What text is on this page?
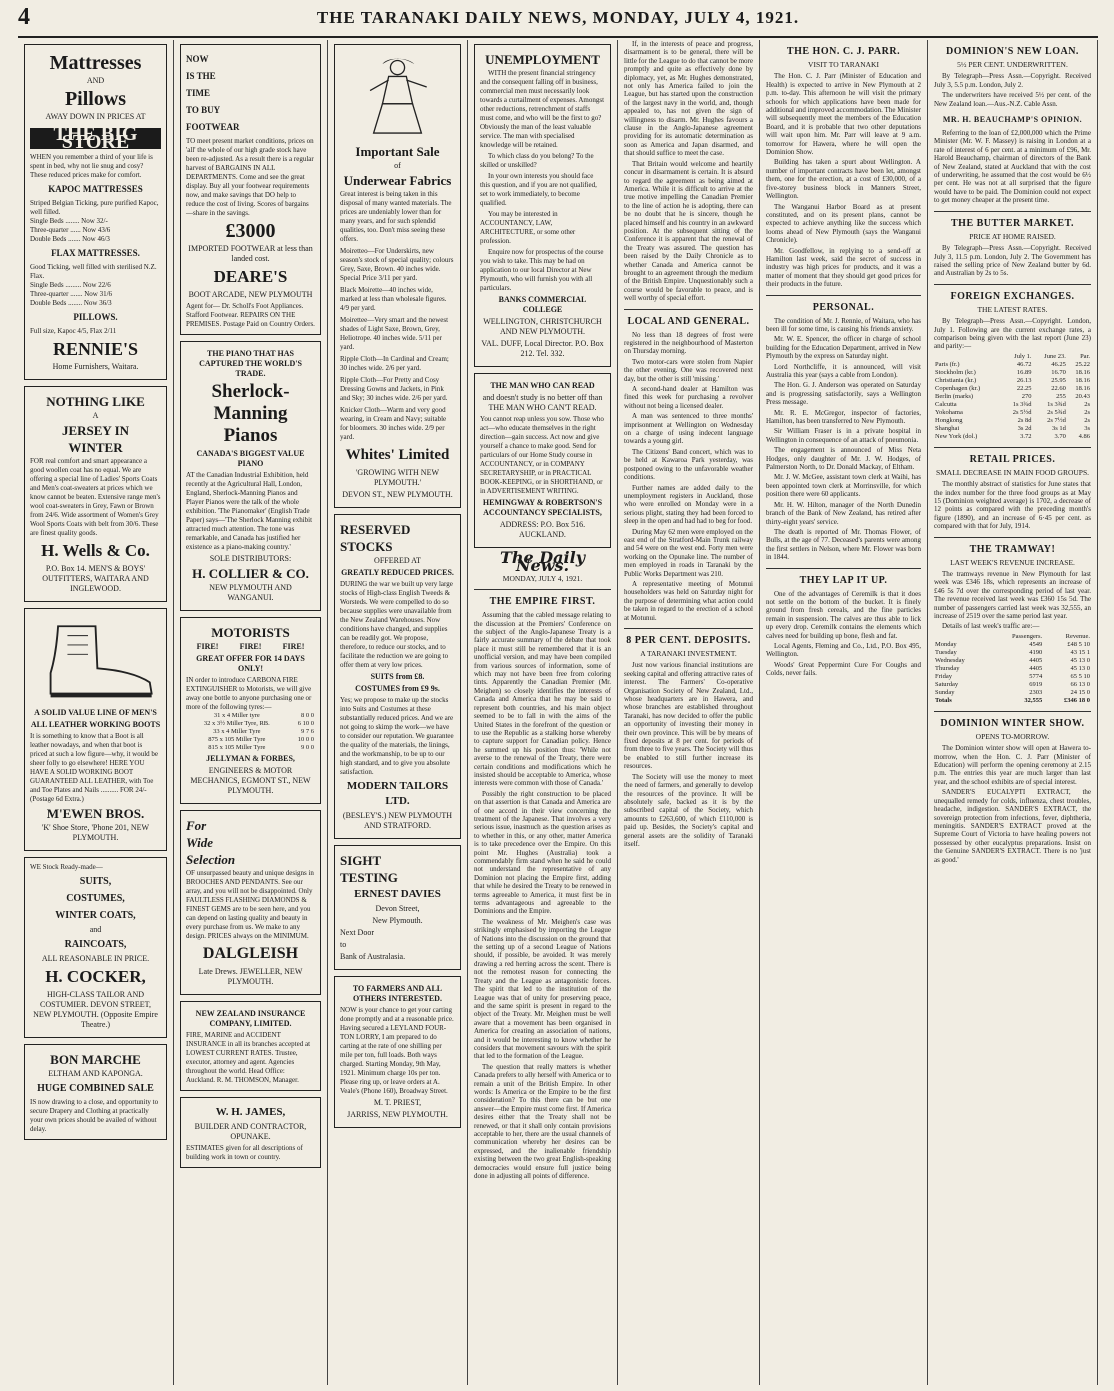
4	THE TARANAKI DAILY NEWS, MONDAY, JULY 4, 1921.
Mattresses
AND
Pillows
AWAY DOWN IN PRICES AT
THE BIG STORE
WHEN you remember a third of your life is spent in bed, why not lie snug and cosy? These reduced prices make for comfort.
KAPOC MATTRESSES
Striped Belgian Ticking, pure purified Kapoc, well filled.
Single Beds ........ Now 32/-
Three-quarter ...... Now 43/6
Double Beds ....... Now 46/3
FLAX MATTRESSES.
Good Ticking, well filled with sterilised N.Z. Flax.
Single Beds ......... Now 22/6
Three-quarter ....... Now 31/6
Double Beds ........ Now 36/3
PILLOWS.
Full size, Kapoc 4/5, Flax 2/11
RENNIE'S
Home Furnishers, Waitara.
NOTHING LIKE
A
JERSEY IN
WINTER
FOR real comfort and smart appearance a good woollen coat has no equal. We are offering a special line of Ladies' Sports Coats and Men's coat-sweaters at prices which we know cannot be beaten. Extensive range men's wool coat-sweaters in Grey, Fawn or Brown from 24/6. Wide assortment of Women's Grey Wool Sports Coats with belt from 30/6. These are finest quality goods.
H. Wells & Co.
P.O. Box 14. MEN'S & BOYS' OUTFITTERS, WAITARA AND INGLEWOOD.
A SOLID VALUE LINE OF MEN'S
ALL LEATHER WORKING BOOTS
It is something to know that a Boot is all leather nowadays, and when that boot is priced at such a low figure—why, it would be sheer folly to go elsewhere! HERE YOU HAVE A SOLID WORKING BOOT GUARANTEED ALL LEATHER, with Toe and Toe Plates and Nails .......... FOR 24/- (Postage 6d Extra.)
M'EWEN BROS.
'K' Shoe Store, 'Phone 201, NEW PLYMOUTH.
WE Stock Ready-made—
SUITS,
COSTUMES,
WINTER COATS,
and
RAINCOATS,
ALL REASONABLE IN PRICE.
H. COCKER,
HIGH-CLASS TAILOR AND COSTUMIER. DEVON STREET, NEW PLYMOUTH. (Opposite Empire Theatre.)
BON MARCHE
ELTHAM AND KAPONGA.
HUGE COMBINED SALE
IS now drawing to a close, and opportunity to secure Drapery and Clothing at practically your own prices should be availed of without delay.
NOW
IS THE
TIME
TO BUY
FOOTWEAR
TO meet present market conditions, prices on 'all' the whole of our high grade stock have been re-adjusted. As a result there is a regular harvest of BARGAINS IN ALL DEPARTMENTS. Come and see the great display. Buy all your footwear requirements now, and make savings that DO help to reduce the cost of living. Scores of bargains—share in the savings.
£3000
IMPORTED FOOTWEAR at less than landed cost.
DEARE'S
BOOT ARCADE, NEW PLYMOUTH
Agent for— Dr. Scholl's Foot Appliances. Stafford Footwear. REPAIRS ON THE PREMISES. Postage Paid on Country Orders.
THE PIANO THAT HAS CAPTURED THE WORLD'S TRADE.
Sherlock-Manning Pianos
CANADA'S BIGGEST VALUE PIANO
AT the Canadian Industrial Exhibition, held recently at the Agricultural Hall, London, England, Sherlock-Manning Pianos and Player Pianos were the talk of the whole exhibition. 'The Pianomaker' (English Trade Paper) says—'The Sherlock Manning exhibit attracted much attention. The tone was remarkable, and Canada has justified her existence as a piano-making country.'
SOLE DISTRIBUTORS:
H. COLLIER & CO.
NEW PLYMOUTH AND WANGANUI.
MOTORISTS
FIRE!	FIRE!	FIRE!
GREAT OFFER FOR 14 DAYS ONLY!
IN order to introduce CARBONA FIRE EXTINGUISHER to Motorists, we will give away one bottle to anyone purchasing one or more of the following tyres:—
31 x 4 Miller tyre	8 0 0
32 x 3½ Miller Tyre, RB.	6 10 0
33 x 4 Miller Tyre	9 7 6
875 x 105 Miller Tyre	10 0 0
815 x 105 Miller Tyre	9 0 0
JELLYMAN & FORBES,
ENGINEERS & MOTOR MECHANICS, EGMONT ST., NEW PLYMOUTH.
For
Wide
Selection
OF unsurpassed beauty and unique designs in BROOCHES AND PENDANTS. See our array, and you will not be disappointed. Only FAULTLESS FLASHING DIAMONDS & FINEST GEMS are to be seen here, and you can depend on lasting quality and beauty in every purchase from us. We make to any design. PRICES always on the MINIMUM.
DALGLEISH
Late Drews. JEWELLER, NEW PLYMOUTH.
NEW ZEALAND INSURANCE COMPANY, LIMITED.
FIRE, MARINE and ACCIDENT INSURANCE in all its branches accepted at LOWEST CURRENT RATES. Trustee, executor, attorney and agent. Agencies throughout the world. Head Office: Auckland. R. M. THOMSON, Manager.
W. H. JAMES,
BUILDER AND CONTRACTOR, OPUNAKE.
ESTIMATES given for all descriptions of building work in town or country.
Important Sale
of
Underwear Fabrics
Great interest is being taken in this disposal of many wanted materials. The prices are undeniably lower than for many years, and for such splendid qualities, too. Don't miss seeing these offers.
Moiretteo—For Underskirts, new season's stock of special quality; colours Grey, Saxe, Brown. 40 inches wide. Special Price 3/11 per yard.
Black Moirette—40 inches wide, marked at less than wholesale figures. 4/9 per yard.
Moirettee—Very smart and the newest shades of Light Saxe, Brown, Grey, Heliotrope. 40 inches wide. 5/11 per yard.
Ripple Cloth—In Cardinal and Cream; 30 inches wide. 2/6 per yard.
Ripple Cloth—For Pretty and Cosy Dressing Gowns and Jackets, in Pink and Sky; 30 inches wide. 2/6 per yard.
Knicker Cloth—Warm and very good wearing, in Cream and Navy; suitable for bloomers. 30 inches wide. 2/9 per yard.
Whites' Limited
'GROWING WITH NEW PLYMOUTH.'
DEVON ST., NEW PLYMOUTH.
RESERVED
STOCKS
OFFERED AT
GREATLY REDUCED PRICES.
DURING the war we built up very large stocks of High-class English Tweeds & Worsteds. We were compelled to do so because supplies were unavailable from the New Zealand Warehouses. Now conditions have changed, and supplies can be readily got. We propose, therefore, to reduce our stocks, and to facilitate the reduction we are going to offer them at very low prices.
SUITS from £8.
COSTUMES from £9 9s.
Yes; we propose to make up the stocks into Suits and Costumes at these substantially reduced prices. And we are not going to skimp the work—we have to consider our reputation. We guarantee the quality of the materials, the linings, and the workmanship, to be up to our high standard, and to give you absolute satisfaction.
MODERN TAILORS LTD.
(BESLEY'S.) NEW PLYMOUTH AND STRATFORD.
SIGHT
TESTING
ERNEST DAVIES
Devon Street,
New Plymouth.
Next Door
to
Bank of Australasia.
TO FARMERS AND ALL OTHERS INTERESTED.
NOW is your chance to get your carting done promptly and at a reasonable price. Having secured a LEYLAND FOUR-TON LORRY, I am prepared to do carting at the rate of one shilling per mile per ton, full loads. Both ways charged. Starting Monday, 9th May, 1921. Minimum charge 10s per ton. Please ring up, or leave orders at A. Veale's (Phone 160), Broadway Street.
M. T. PRIEST,
JARRISS, NEW PLYMOUTH.
UNEMPLOYMENT
WITH the present financial stringency and the consequent falling off in business, commercial men must necessarily look towards a curtailment of expenses. Amongst other reductions, retrenchment of staffs must come, and who will be the first to go? Obviously the man of the least valuable service. The man with specialised knowledge will be retained.
To which class do you belong? To the skilled or unskilled?
In your own interests you should face this question, and if you are not qualified, set to work immediately, to become qualified.
You may be interested in ACCOUNTANCY, LAW, ARCHITECTURE, or some other profession.
Enquire now for prospectus of the course you wish to take. This may be had on application to our local Director at New Plymouth, who will furnish you with all particulars.
BANKS COMMERCIAL COLLEGE
WELLINGTON, CHRISTCHURCH AND NEW PLYMOUTH.
VAL. DUFF, Local Director. P.O. Box 212. Tel. 332.
THE MAN WHO CAN READ
and doesn't study is no better off than THE MAN WHO CAN'T READ.
You cannot reap unless you sow. Those who act—who educate themselves in the right direction—gain success. Act now and give yourself a chance to make good. Send for particulars of our Home Study course in ACCOUNTANCY, or in COMPANY SECRETARYSHIP, or in PRACTICAL BOOK-KEEPING, or in SHORTHAND, or in ADVERTISEMENT WRITING.
HEMINGWAY & ROBERTSON'S ACCOUNTANCY SPECIALISTS,
ADDRESS: P.O. Box 516. AUCKLAND.
The Daily News.
MONDAY, JULY 4, 1921.
THE EMPIRE FIRST.

Assuming that the cabled message relating to the discussion at the Premiers' Conference on the subject of the Anglo-Japanese Treaty is a fairly accurate summary of the debate that took place it must still be remembered that it is an unofficial version, and may have been compiled from various sources of information, some of which may not have been free from coloring tints. Apparently the Canadian Premier (Mr. Meighen) so closely identifies the interests of Canada and America that he may be said to represent both countries, and his main object seemed to be to fall in with the aims of the United States in the forefront of the question or to use the Republic as a stalking horse whereby to capture support for Canadian policy. Hence he summed up his position thus: 'While not averse to the renewal of the Treaty, there were certain conditions and modifications which he insisted should be acceptable to America, whose interests were common with those of Canada.'

Possibly the right construction to be placed on that assertion is that Canada and America are of one accord in their view concerning the treatment of the Japanese. That involves a very serious issue, inasmuch as the question arises as to whether in this, or any other, matter America is to take precedence over the Empire. On this point Mr. Hughes (Australia) took a commendably firm stand when he said he could not understand the representative of any Dominion not placing the Empire first, adding that while he desired the Treaty to be renewed in terms agreeable to America, it must first be in terms advantageous and agreeable to the Dominions and the Empire.

The weakness of Mr. Meighen's case was strikingly emphasised by importing the League of Nations into the discussion on the ground that the setting up of a second League of Nations should, if possible, be avoided. It was merely drawing a red herring across the scent. There is not the remotest reason for connecting the Treaty and the League as antagonistic forces. The spirit that led to the institution of the League was that of unity for preserving peace, and the same spirit is present in regard to the object of the Treaty. Mr. Meighen must be well aware that a movement has been organised in America for creating an association of nations, and it would be interesting to know whether he considers that movement savours with the spirit that led to the formation of the League.

The question that really matters is whether Canada prefers to ally herself with America or to remain a unit of the British Empire. In other words: Is America or the Empire to be the first consideration? To this there can be but one answer—the Empire must come first. If America desires either that the Treaty shall not be renewed, or that it shall only contain provisions acceptable to her, there are the usual channels of communication whereby her desires can be expressed, and the inalienable friendship existing between the two great English-speaking democracies would ensure full justice being done in adjusting all points of difference.

If, in the interests of peace and progress, disarmament is to be general, there will be little for the League to do that cannot be more promptly and quite as effectively done by diplomacy, yet, as Mr. Hughes demonstrated, not only has America failed to join the League, but has started upon the construction of the largest navy in the world, and, though appealed to, has not given the sign of willingness to disarm. Mr. Hughes favours a clause in the Anglo-Japanese agreement providing for its automatic determination as soon as America and Japan disarmed, and that should suffice to meet the case.

That Britain would welcome and heartily concur in disarmament is certain. It is absurd to regard the agreement as being aimed at America. While it is difficult to arrive at the true motive impelling the Canadian Premier to the line of action he is adopting, there can be no doubt that he is sincere, though he placed himself and his country in an awkward position. At the subsequent sitting of the Conference it is apparent that the renewal of the Treaty was assured. The question has been raised by the Daily Chronicle as to whether Canada and America cannot be brought to an agreement through the medium of the British Empire. Unquestionably such a course would be favorable to peace, and is well worthy of special effort.

LOCAL AND GENERAL.

No less than 18 degrees of frost were registered in the neighbourhood of Masterton on Thursday morning.

Two motor-cars were stolen from Napier the other evening. One was recovered next day, but the other is still 'missing.'

A second-hand dealer at Hamilton was fined this week for purchasing a revolver without not being a licensed dealer.

A man was sentenced to three months' imprisonment at Wellington on Wednesday on a charge of using indecent language towards a young girl.

The Citizens' Band concert, which was to be held at Kawaroa Park yesterday, was postponed owing to the unfavorable weather conditions.

Further names are added daily to the unemployment registers in Auckland, those who were enrolled on Monday were in a serious plight, stating they had been forced to sleep in the open and had had to beg for food.

During May 62 men were employed on the east end of the Stratford-Main Trunk railway and 54 were on the west end. Forty men were working on the Opunake line. The number of men employed in roads in Taranaki by the Public Works Department was 210.

A representative meeting of Motunui householders was held on Saturday night for the purpose of determining what action could be taken in regard to the erection of a school at Motunui.

8 PER CENT. DEPOSITS.
A TARANAKI INVESTMENT.

Just now various financial institutions are seeking capital and offering attractive rates of interest. The Farmers' Co-operative Organisation Society of New Zealand, Ltd., whose headquarters are in Hawera, and whose branches are established throughout Taranaki, has now decided to offer the public an opportunity of investing their money in their own province. This will be by means of fixed deposits at 8 per cent. for periods of from three to five years. The Society will thus be enabled to still further increase its resources.

The Society will use the money to meet the need of farmers, and generally to develop the resources of the province. It will be absolutely safe, backed as it is by the subscribed capital of the Society, which amounts to £263,600, of which £110,000 is paid up. Besides, the Society's capital and general assets are the solidity of Taranaki itself.

THE HON. C. J. PARR.
VISIT TO TARANAKI

The Hon. C. J. Parr (Minister of Education and Health) is expected to arrive in New Plymouth at 2 p.m. to-day. This afternoon he will visit the primary schools for which applications have been made for additional and improved accommodation. The Minister will subsequently meet the members of the Education Board, and it is probable that two other deputations will wait upon him. Mr. Parr will leave at 9 a.m. tomorrow for Hawera, where he will open the Dominion Show.

Building has taken a spurt about Wellington. A number of important contracts have been let, amongst them, one for the erection, at a cost of £30,000, of a five-storey business block in Manners Street, Wellington.

The Wanganui Harbor Board as at present constituted, and on its present plans, cannot be expected to achieve anything like the success which looms ahead of New Plymouth (says the Wanganui Chronicle).

Mr. Goodfellow, in replying to a send-off at Hamilton last week, said the secret of success in industry was high prices for products, and it was a matter of moment that they should get good prices for their products in the future.

PERSONAL.

The condition of Mr. J. Rennie, of Waitara, who has been ill for some time, is causing his friends anxiety.

Mr. W. E. Spencer, the officer in charge of school building for the Education Department, arrived in New Plymouth by the express on Saturday night.

Lord Northcliffe, it is announced, will visit Australia this year (says a cable from London).

The Hon. G. J. Anderson was operated on Saturday and is progressing satisfactorily, says a Wellington Press message.

Mr. R. E. McGregor, inspector of factories, Hamilton, has been transferred to New Plymouth.

Sir William Fraser is in a private hospital in Wellington in consequence of an attack of pneumonia.

The engagement is announced of Miss Neta Hodges, only daughter of Mr. J. W. Hodges, of Palmerston North, to Dr. Donald Mackay, of Eltham.

Mr. J. W. McGee, assistant town clerk at Waihi, has been appointed town clerk at Morrinsville, for which position there were 60 applicants.

Mr. H. W. Hilton, manager of the North Dunedin branch of the Bank of New Zealand, has retired after thirty-eight years' service.

The death is reported of Mr. Thomas Flower, of Bulls, at the age of 77. Deceased's parents were among the first settlers in Nelson, where Mr. Flower was born in 1844.

THEY LAP IT UP.

One of the advantages of Ceremilk is that it does not settle on the bottom of the bucket. It is finely ground from fresh cereals, and the fine particles remain in suspension. The calves are thus able to lick up every drop. Ceremilk contains the elements which calves need for building up bone, flesh and fat.

Local Agents, Fleming and Co., Ltd., P.O. Box 495, Wellington.

Woods' Great Peppermint Cure For Coughs and Colds, never fails.

DOMINION'S NEW LOAN.
5½ PER CENT. UNDERWRITTEN.

By Telegraph—Press Assn.—Copyright. Received July 3, 5.5 p.m. London, July 2.

The underwriters have received 5½ per cent. of the New Zealand loan.—Aus.-N.Z. Cable Assn.

MR. H. BEAUCHAMP'S OPINION.

Referring to the loan of £2,000,000 which the Prime Minister (Mr. W. F. Massey) is raising in London at a rate of interest of 6 per cent. at a minimum of £96, Mr. Harold Beauchamp, chairman of directors of the Bank of New Zealand, stated at Auckland that with the cost of underwriting, he assumed that the cost would be 6½ per cent. He was not at all surprised that the figure would have to be paid. The Dominion could not expect to get money cheaper at the present time.

THE BUTTER MARKET.
PRICE AT HOME RAISED.

By Telegraph—Press Assn.—Copyright. Received July 3, 11.5 p.m. London, July 2. The Government has raised the selling price of New Zealand butter by 6d. and Australian by 2s to 5s.

FOREIGN EXCHANGES.
THE LATEST RATES.

By Telegraph—Press Assn.—Copyright. London, July 1. Following are the current exchange rates, a comparison being given with the last report (June 23) and parity:—

	July 1.	June 23.	Par.
Paris (fr.)	46.72	46.25	25.22
Stockholm (kr.)	16.89	16.70	18.16
Christiania (kr.)	26.13	25.95	18.16
Copenhagen (kr.)	22.25	22.60	18.16
Berlin (marks)	270	255	20.43
Calcutta	1s 3¾d	1s 3¾d	2s
Yokohama	2s 5½d	2s 5¾d	2s
Hongkong	2s 8d	2s 7½d	2s
Shanghai	3s 2d	3s 1d	3s
New York (dol.)	3.72	3.70	4.86
RETAIL PRICES.
SMALL DECREASE IN MAIN FOOD GROUPS.

The monthly abstract of statistics for June states that the index number for the three food groups as at May 15 (Dominion weighted average) is 1702, a decrease of 12 points as compared with the preceding month's figure (1890), and an increase of 6·45 per cent. as compared with that for July, 1914.

THE TRAMWAY!
LAST WEEK'S REVENUE INCREASE.

The tramways revenue in New Plymouth for last week was £346 18s, which represents an increase of £46 5s 7d over the corresponding period of last year. The revenue received last week was £360 15s 5d. The number of passengers carried last week was 32,555, an increase of 2519 over the same period last year.

Details of last week's traffic are:—

	Passengers.	Revenue.
Monday	4549	£48 5 10
Tuesday	4190	43 15 1
Wednesday	4405	45 13 0
Thursday	4405	45 13 0
Friday	5774	65 5 10
Saturday	6919	66 13 0
Sunday	2303	24 15 0
Totals	32,555	£346 18 0
DOMINION WINTER SHOW.
OPENS TO-MORROW.

The Dominion winter show will open at Hawera to-morrow, when the Hon. C. J. Parr (Minister of Education) will perform the opening ceremony at 2.15 p.m. The entries this year are much larger than last year, and the school exhibits are of special interest.

SANDER'S EUCALYPTI EXTRACT, the unequalled remedy for colds, influenza, chest troubles, headache, indigestion. SANDER'S EXTRACT, the sovereign protection from infections, fever, diphtheria, meningitis. SANDER'S EXTRACT proved at the Supreme Court of Victoria to have healing powers not possessed by other eucalyptus preparations. Insist on the Genuine SANDER'S EXTRACT. There is no 'just as good.'
